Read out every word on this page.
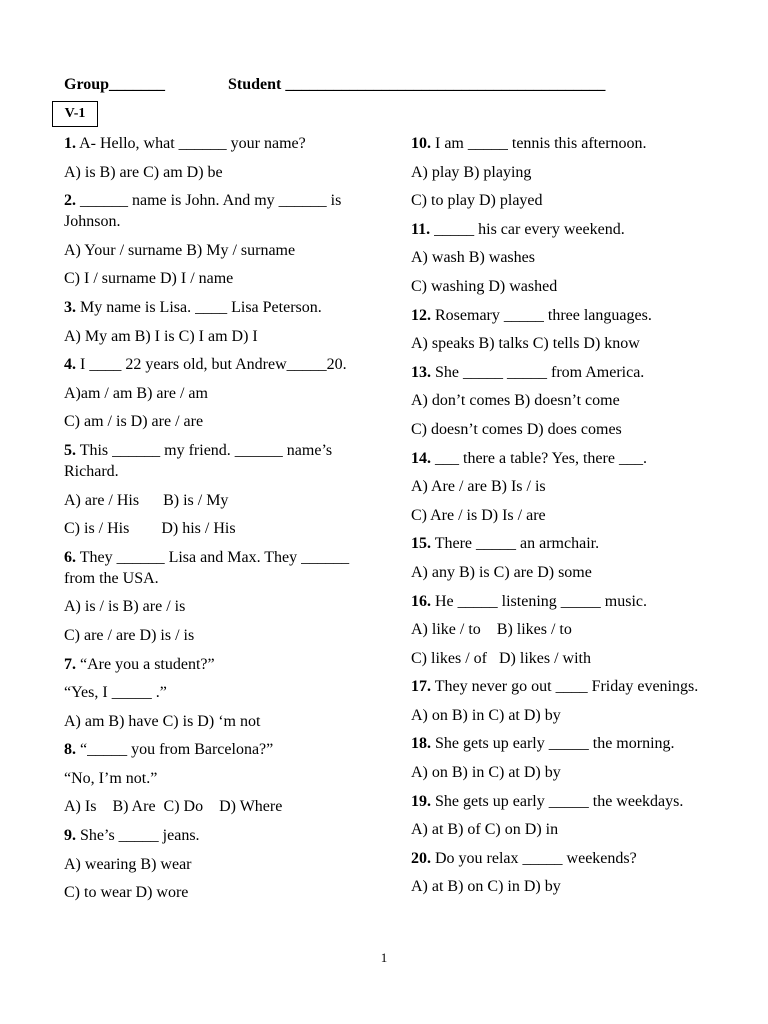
Group_______	Student ________________________________________
V-1

1. A- Hello, what ______ your name?

A) is B) are C) am D) be

2. ______ name is John. And my ______ is Johnson.

A) Your / surname B) My / surname

C) I / surname D) I / name

3. My name is Lisa. ____ Lisa Peterson.

A) My am B) I is C) I am D) I

4. I ____ 22 years old, but Andrew_____20.

A)am / am B) are / am

C) am / is D) are / are

5. This ______ my friend. ______ name’s Richard.

A) are / His      B) is / My

C) is / His        D) his / His

6. They ______ Lisa and Max. They ______ from the USA.

A) is / is B) are / is

C) are / are D) is / is

7. “Are you a student?”

“Yes, I _____ .”

A) am B) have C) is D) ‘m not

8. “_____ you from Barcelona?”

“No, I’m not.”

A) Is    B) Are  C) Do    D) Where

9. She’s _____ jeans.

A) wearing B) wear

C) to wear D) wore

10. I am _____ tennis this afternoon.

A) play B) playing

C) to play D) played

11. _____ his car every weekend.

A) wash B) washes

C) washing D) washed

12. Rosemary _____ three languages.

A) speaks B) talks C) tells D) know

13. She _____ _____ from America.

A) don’t comes B) doesn’t come

C) doesn’t comes D) does comes

14. ___ there a table? Yes, there ___.

A) Are / are B) Is / is

C) Are / is D) Is / are

15. There _____ an armchair.

A) any B) is C) are D) some

16. He _____ listening _____ music.

A) like / to    B) likes / to

C) likes / of   D) likes / with

17. They never go out ____ Friday evenings.

A) on B) in C) at D) by

18. She gets up early _____ the morning.

A) on B) in C) at D) by

19. She gets up early _____ the weekdays.

A) at B) of C) on D) in

20. Do you relax _____ weekends?

A) at B) on C) in D) by

1
